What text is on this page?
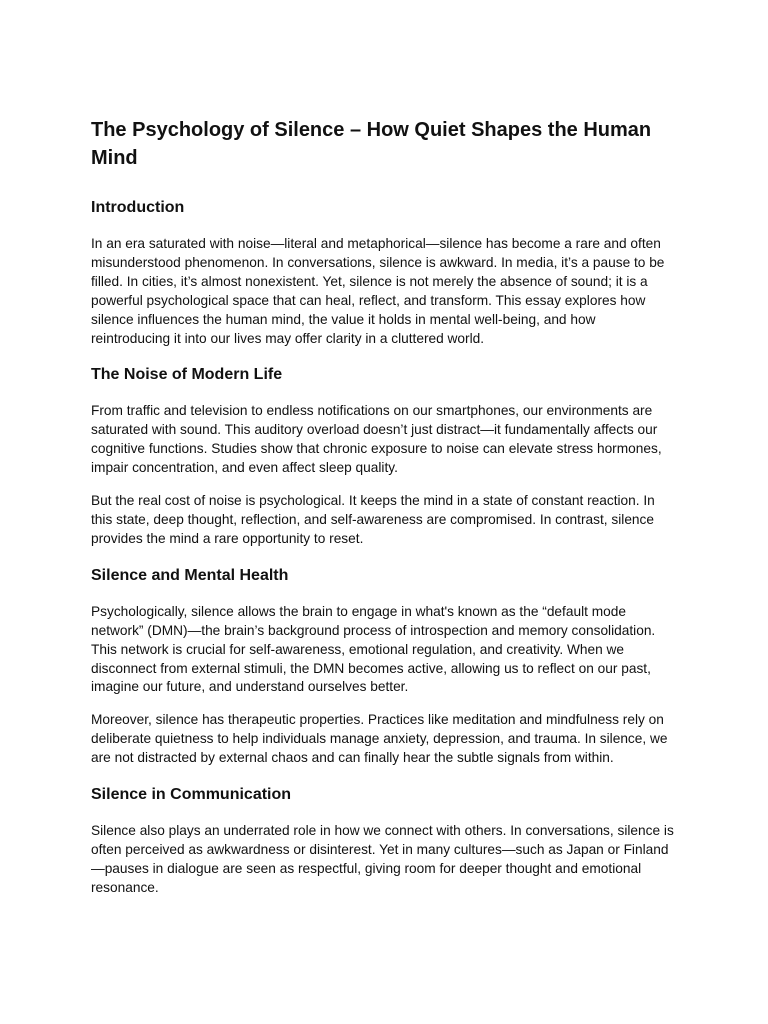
The Psychology of Silence – How Quiet Shapes the Human Mind
Introduction

In an era saturated with noise—literal and metaphorical—silence has become a rare and often misunderstood phenomenon. In conversations, silence is awkward. In media, it’s a pause to be filled. In cities, it’s almost nonexistent. Yet, silence is not merely the absence of sound; it is a powerful psychological space that can heal, reflect, and transform. This essay explores how silence influences the human mind, the value it holds in mental well-being, and how reintroducing it into our lives may offer clarity in a cluttered world.

The Noise of Modern Life

From traffic and television to endless notifications on our smartphones, our environments are saturated with sound. This auditory overload doesn’t just distract—it fundamentally affects our cognitive functions. Studies show that chronic exposure to noise can elevate stress hormones, impair concentration, and even affect sleep quality.

But the real cost of noise is psychological. It keeps the mind in a state of constant reaction. In this state, deep thought, reflection, and self-awareness are compromised. In contrast, silence provides the mind a rare opportunity to reset.

Silence and Mental Health

Psychologically, silence allows the brain to engage in what's known as the “default mode network” (DMN)—the brain’s background process of introspection and memory consolidation. This network is crucial for self-awareness, emotional regulation, and creativity. When we disconnect from external stimuli, the DMN becomes active, allowing us to reflect on our past, imagine our future, and understand ourselves better.

Moreover, silence has therapeutic properties. Practices like meditation and mindfulness rely on deliberate quietness to help individuals manage anxiety, depression, and trauma. In silence, we are not distracted by external chaos and can finally hear the subtle signals from within.

Silence in Communication

Silence also plays an underrated role in how we connect with others. In conversations, silence is often perceived as awkwardness or disinterest. Yet in many cultures—such as Japan or Finland—pauses in dialogue are seen as respectful, giving room for deeper thought and emotional resonance.
